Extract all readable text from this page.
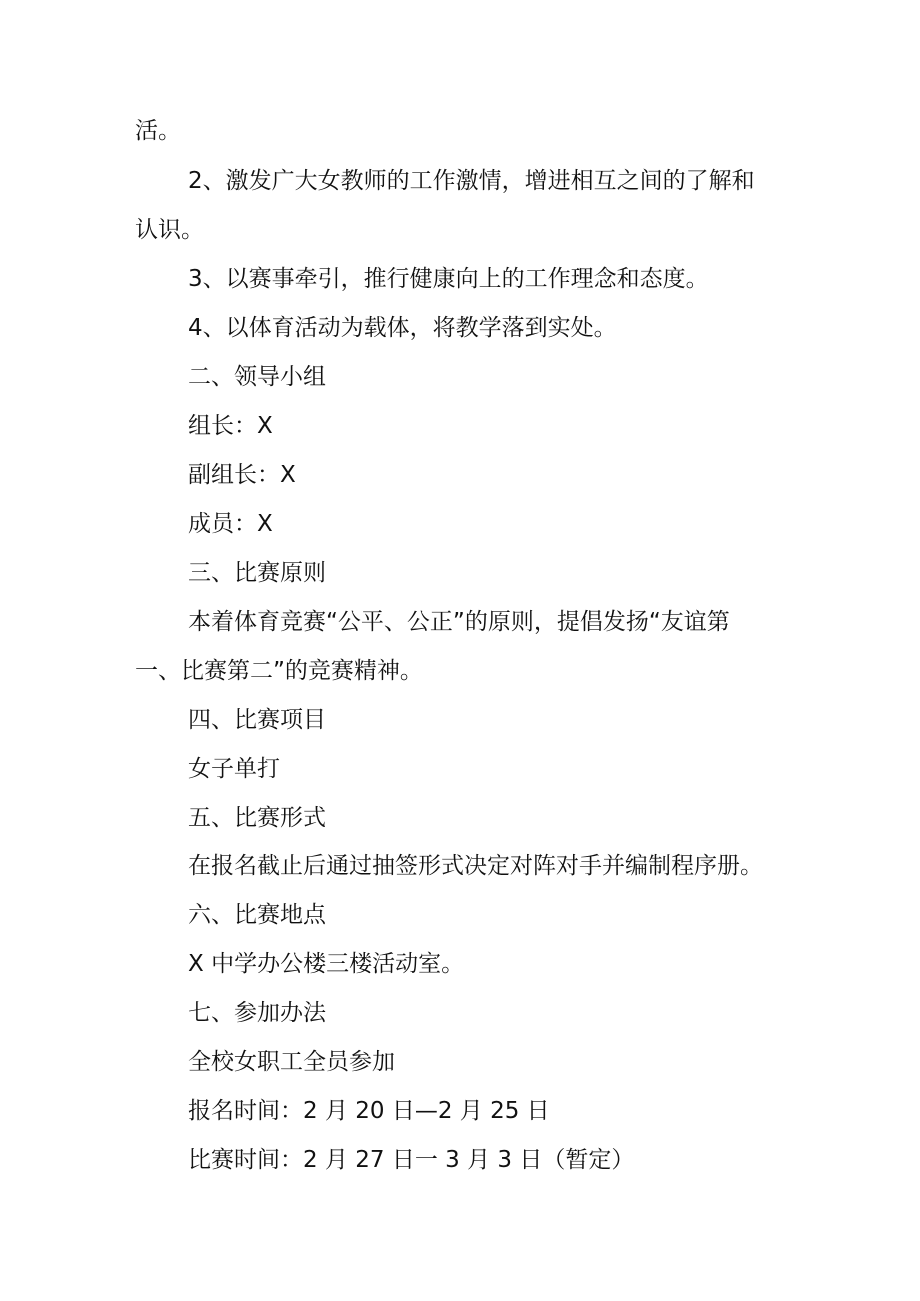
活。
2、激发广大女教师的工作激情，增进相互之间的了解和
认识。
3、以赛事牵引，推行健康向上的工作理念和态度。
4、以体育活动为载体，将教学落到实处。
二、领导小组
组长：X
副组长：X
成员：X
三、比赛原则
本着体育竞赛“公平、公正”的原则，提倡发扬“友谊第
一、比赛第二”的竞赛精神。
四、比赛项目
女子单打
五、比赛形式
在报名截止后通过抽签形式决定对阵对手并编制程序册。
六、比赛地点
X 中学办公楼三楼活动室。
七、参加办法
全校女职工全员参加
报名时间：2 月 20 日—2 月 25 日
比赛时间：2 月 27 日一 3 月 3 日（暂定）
